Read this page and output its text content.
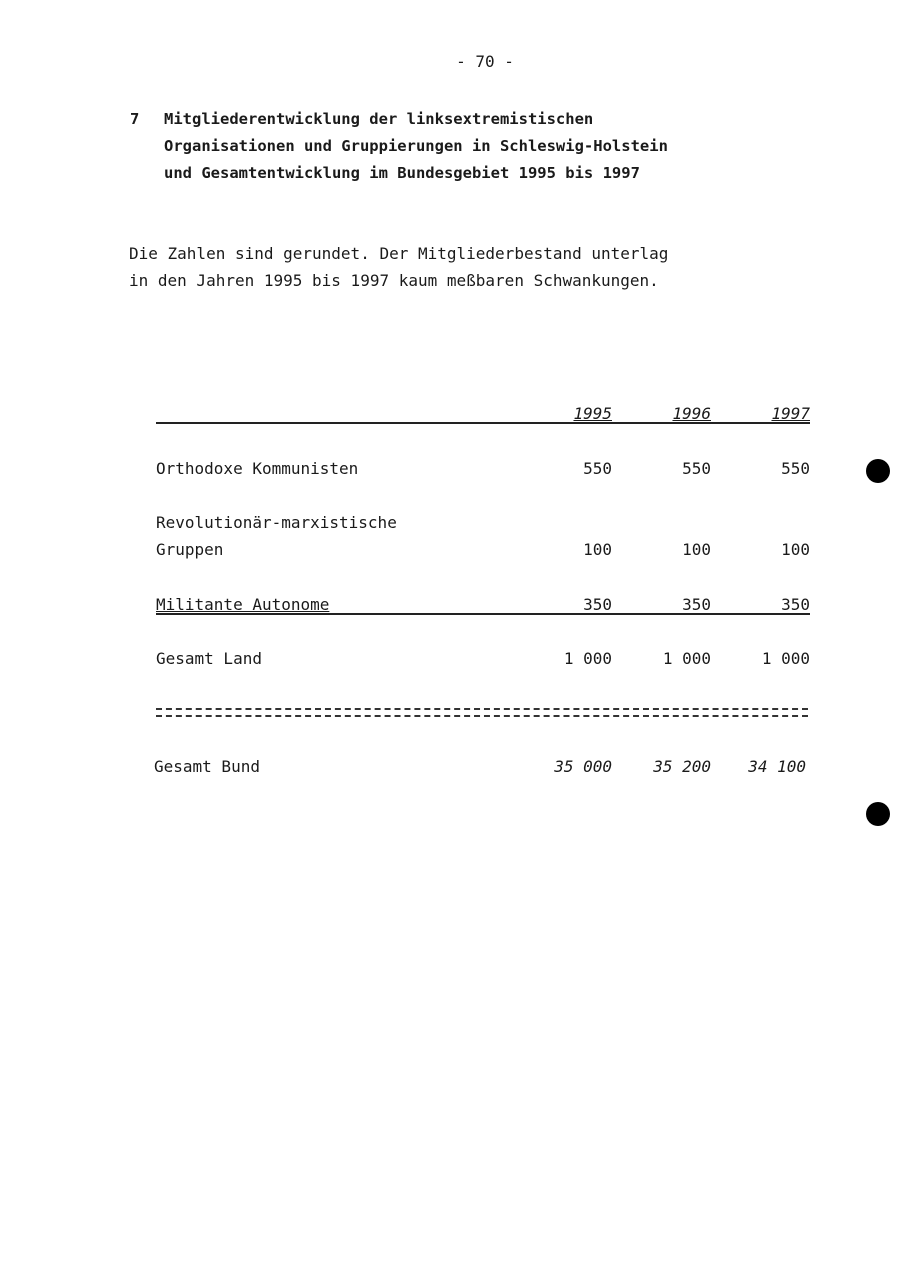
- 70 -
7 Mitgliederentwicklung der linksextremistischen
Organisationen und Gruppierungen in Schleswig-Holstein
und Gesamtentwicklung im Bundesgebiet 1995 bis 1997
Die Zahlen sind gerundet. Der Mitgliederbestand unterlag
in den Jahren 1995 bis 1997 kaum meßbaren Schwankungen.
1995	1996	1997
Orthodoxe Kommunisten	550	550	550
Revolutionär-marxistische
Gruppen	100	100	100
Militante Autonome	350	350	350
Gesamt Land	1 000	1 000	1 000
Gesamt Bund	35 000	35 200	34 100
